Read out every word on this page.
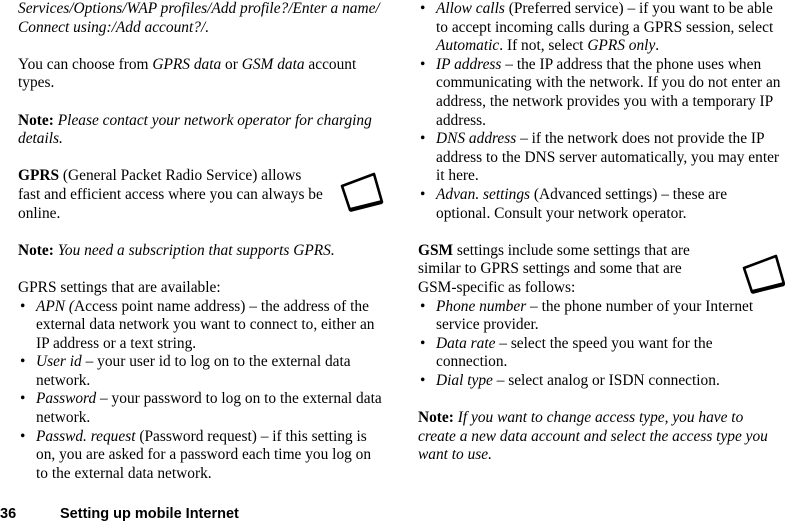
Services/Options/WAP profiles/Add profile?/Enter a name/ Connect using:/Add account?/.

You can choose from GPRS data or GSM data account types.

Note: Please contact your network operator for charging details.

GPRS (General Packet Radio Service) allows fast and efficient access where you can always be online.

Note: You need a subscription that supports GPRS.

GPRS settings that are available:

• APN (Access point name address) – the address of the external data network you want to connect to, either an IP address or a text string.
• User id – your user id to log on to the external data network.
• Password – your password to log on to the external data network.
• Passwd. request (Password request) – if this setting is on, you are asked for a password each time you log on to the external data network.
• Allow calls (Preferred service) – if you want to be able to accept incoming calls during a GPRS session, select Automatic. If not, select GPRS only.
• IP address – the IP address that the phone uses when communicating with the network. If you do not enter an address, the network provides you with a temporary IP address.
• DNS address – if the network does not provide the IP address to the DNS server automatically, you may enter it here.
• Advan. settings (Advanced settings) – these are optional. Consult your network operator.

GSM settings include some settings that are similar to GPRS settings and some that are GSM-specific as follows:

• Phone number – the phone number of your Internet service provider.
• Data rate – select the speed you want for the connection.
• Dial type – select analog or ISDN connection.

Note: If you want to change access type, you have to create a new data account and select the access type you want to use.

36	Setting up mobile Internet
